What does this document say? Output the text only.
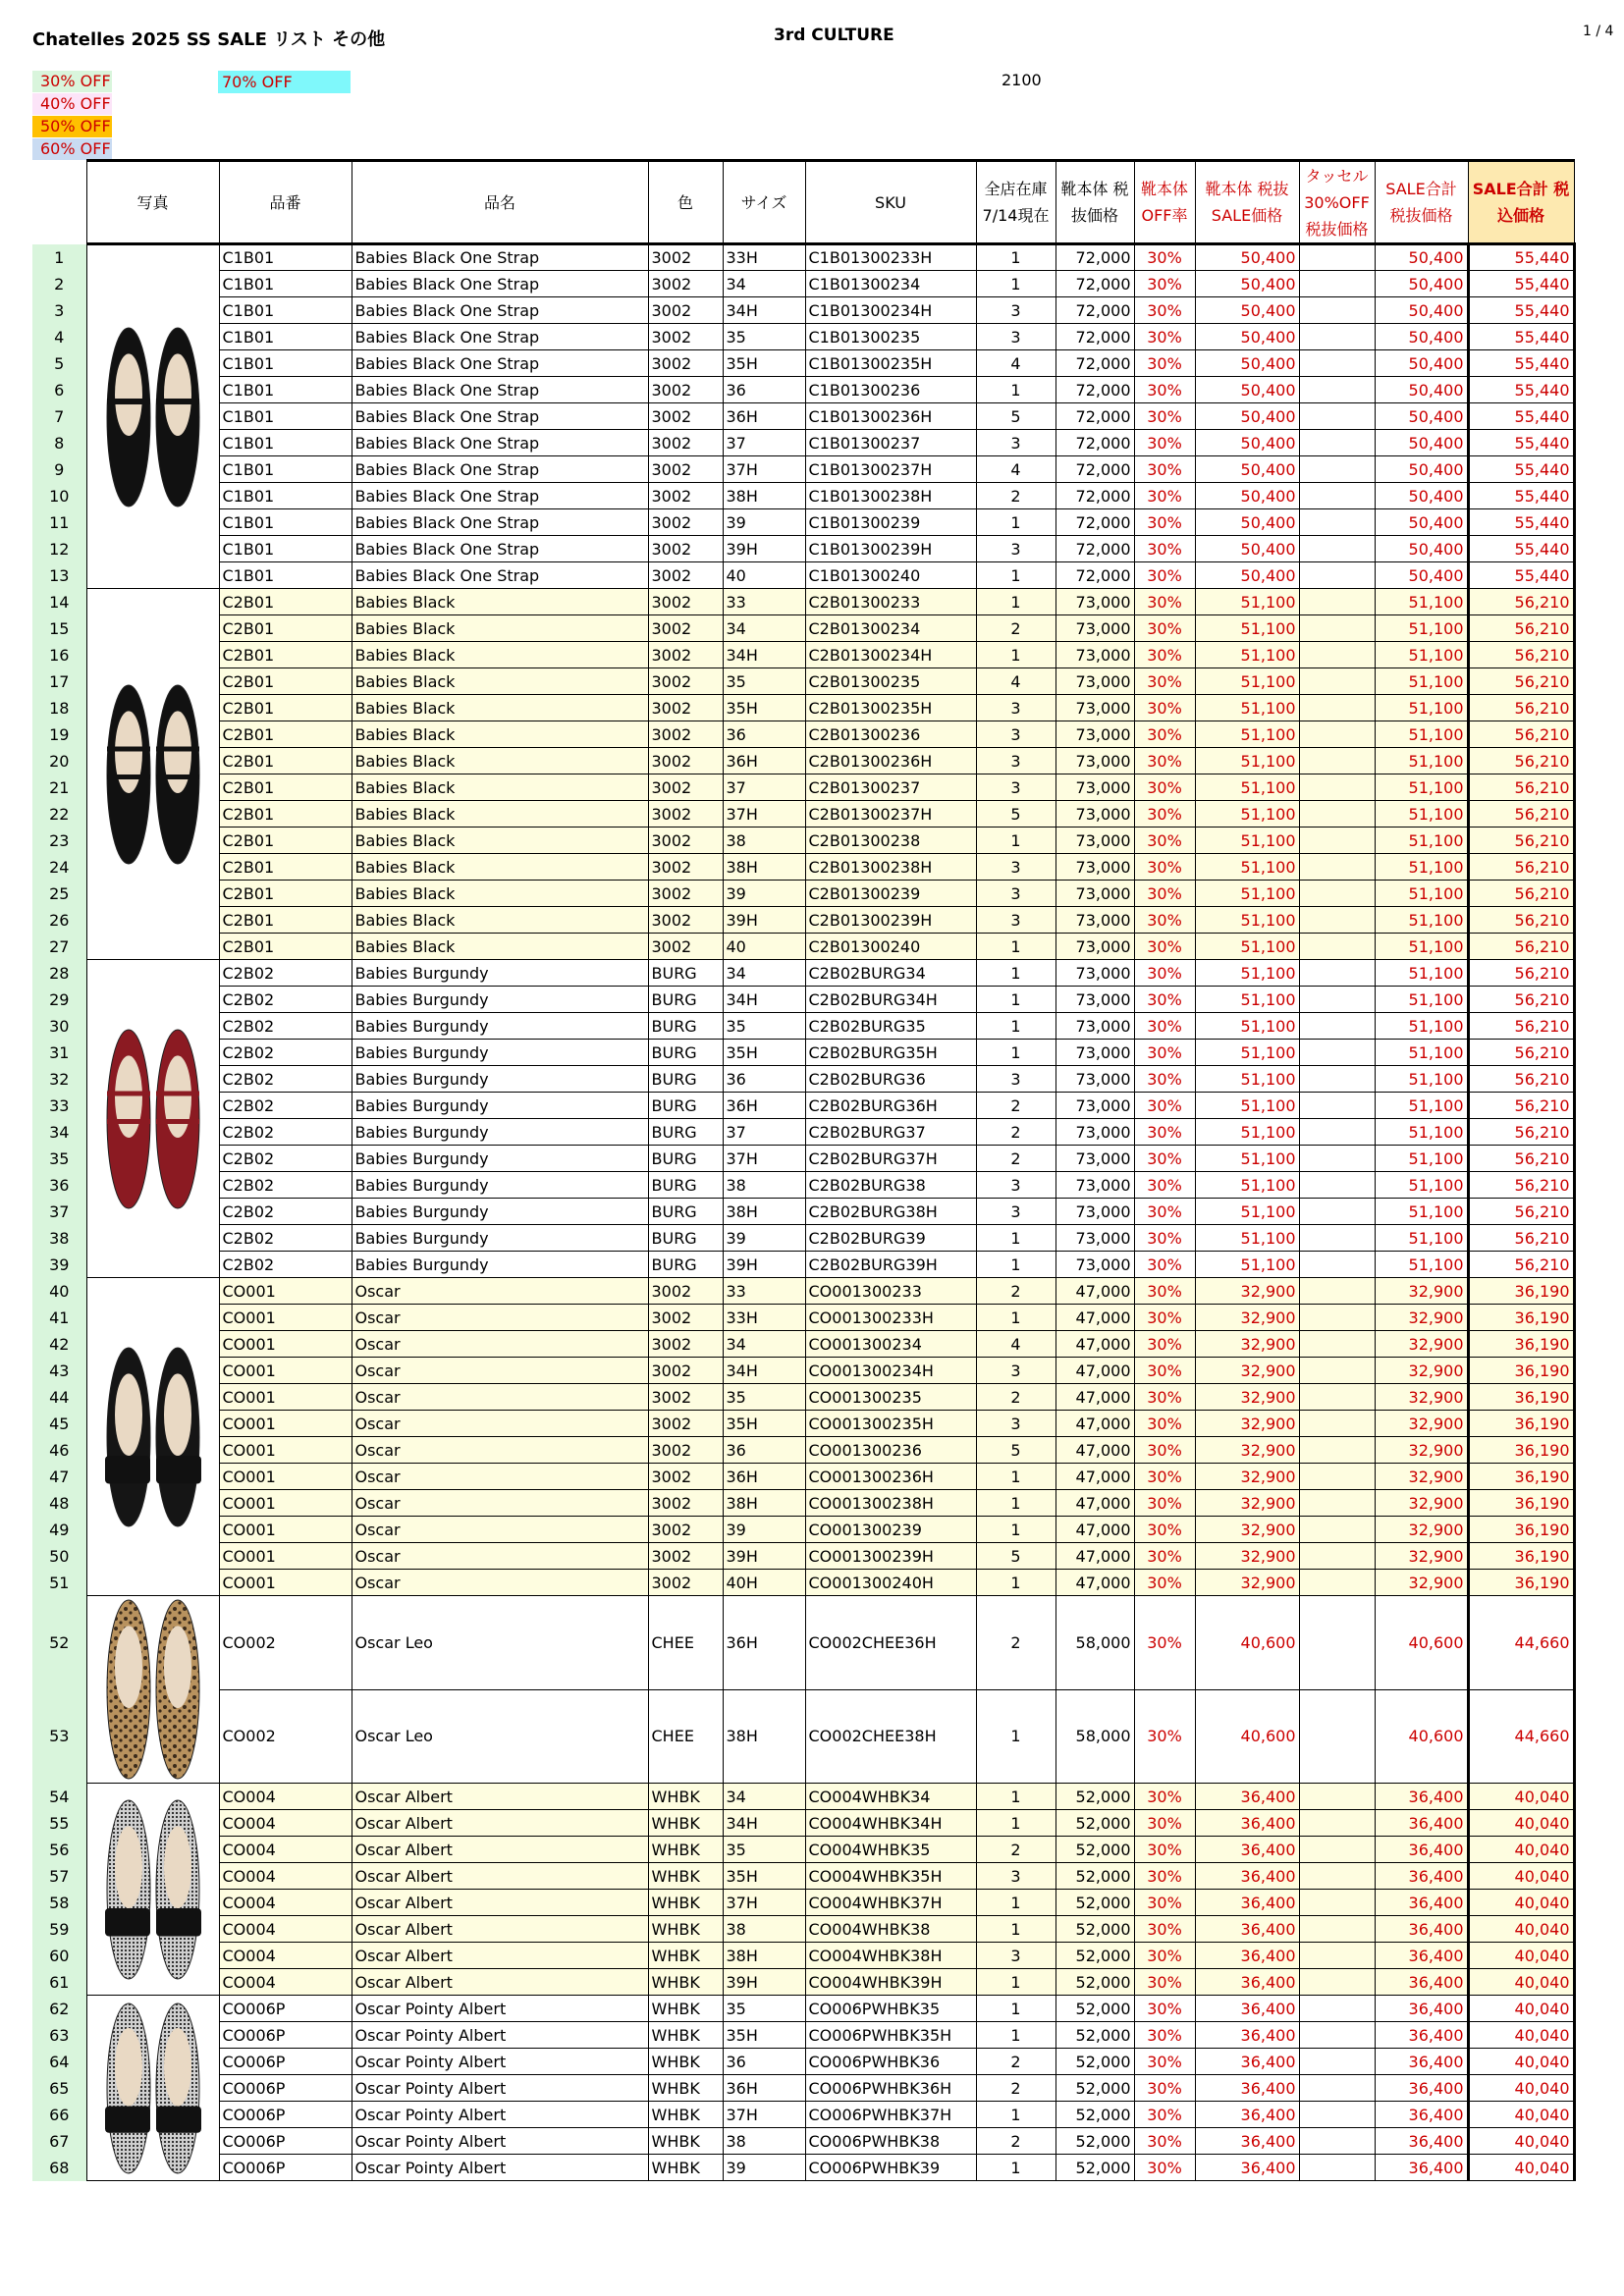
Chatelles 2025 SS SALE リスト その他	3rd CULTURE	1 / 4
30% OFF
40% OFF
50% OFF
60% OFF
70% OFF	2100
	写真	品番	品名	色	サイズ	SKU	全店在庫 7/14現在	靴本体 税抜価格	靴本体 OFF率	靴本体 税抜SALE価格	タッセル 30%OFF 税抜価格	SALE合計 税抜価格	SALE合計 税込価格
1		C1B01	Babies Black One Strap	3002	33H	C1B01300233H	1	72,000	30%	50,400		50,400	55,440
2		C1B01	Babies Black One Strap	3002	34	C1B01300234	1	72,000	30%	50,400		50,400	55,440
3		C1B01	Babies Black One Strap	3002	34H	C1B01300234H	3	72,000	30%	50,400		50,400	55,440
4		C1B01	Babies Black One Strap	3002	35	C1B01300235	3	72,000	30%	50,400		50,400	55,440
5		C1B01	Babies Black One Strap	3002	35H	C1B01300235H	4	72,000	30%	50,400		50,400	55,440
6		C1B01	Babies Black One Strap	3002	36	C1B01300236	1	72,000	30%	50,400		50,400	55,440
7		C1B01	Babies Black One Strap	3002	36H	C1B01300236H	5	72,000	30%	50,400		50,400	55,440
8		C1B01	Babies Black One Strap	3002	37	C1B01300237	3	72,000	30%	50,400		50,400	55,440
9		C1B01	Babies Black One Strap	3002	37H	C1B01300237H	4	72,000	30%	50,400		50,400	55,440
10		C1B01	Babies Black One Strap	3002	38H	C1B01300238H	2	72,000	30%	50,400		50,400	55,440
11		C1B01	Babies Black One Strap	3002	39	C1B01300239	1	72,000	30%	50,400		50,400	55,440
12		C1B01	Babies Black One Strap	3002	39H	C1B01300239H	3	72,000	30%	50,400		50,400	55,440
13		C1B01	Babies Black One Strap	3002	40	C1B01300240	1	72,000	30%	50,400		50,400	55,440
14		C2B01	Babies Black	3002	33	C2B01300233	1	73,000	30%	51,100		51,100	56,210
15		C2B01	Babies Black	3002	34	C2B01300234	2	73,000	30%	51,100		51,100	56,210
16		C2B01	Babies Black	3002	34H	C2B01300234H	1	73,000	30%	51,100		51,100	56,210
17		C2B01	Babies Black	3002	35	C2B01300235	4	73,000	30%	51,100		51,100	56,210
18		C2B01	Babies Black	3002	35H	C2B01300235H	3	73,000	30%	51,100		51,100	56,210
19		C2B01	Babies Black	3002	36	C2B01300236	3	73,000	30%	51,100		51,100	56,210
20		C2B01	Babies Black	3002	36H	C2B01300236H	3	73,000	30%	51,100		51,100	56,210
21		C2B01	Babies Black	3002	37	C2B01300237	3	73,000	30%	51,100		51,100	56,210
22		C2B01	Babies Black	3002	37H	C2B01300237H	5	73,000	30%	51,100		51,100	56,210
23		C2B01	Babies Black	3002	38	C2B01300238	1	73,000	30%	51,100		51,100	56,210
24		C2B01	Babies Black	3002	38H	C2B01300238H	3	73,000	30%	51,100		51,100	56,210
25		C2B01	Babies Black	3002	39	C2B01300239	3	73,000	30%	51,100		51,100	56,210
26		C2B01	Babies Black	3002	39H	C2B01300239H	3	73,000	30%	51,100		51,100	56,210
27		C2B01	Babies Black	3002	40	C2B01300240	1	73,000	30%	51,100		51,100	56,210
28		C2B02	Babies Burgundy	BURG	34	C2B02BURG34	1	73,000	30%	51,100		51,100	56,210
29		C2B02	Babies Burgundy	BURG	34H	C2B02BURG34H	1	73,000	30%	51,100		51,100	56,210
30		C2B02	Babies Burgundy	BURG	35	C2B02BURG35	1	73,000	30%	51,100		51,100	56,210
31		C2B02	Babies Burgundy	BURG	35H	C2B02BURG35H	1	73,000	30%	51,100		51,100	56,210
32		C2B02	Babies Burgundy	BURG	36	C2B02BURG36	3	73,000	30%	51,100		51,100	56,210
33		C2B02	Babies Burgundy	BURG	36H	C2B02BURG36H	2	73,000	30%	51,100		51,100	56,210
34		C2B02	Babies Burgundy	BURG	37	C2B02BURG37	2	73,000	30%	51,100		51,100	56,210
35		C2B02	Babies Burgundy	BURG	37H	C2B02BURG37H	2	73,000	30%	51,100		51,100	56,210
36		C2B02	Babies Burgundy	BURG	38	C2B02BURG38	3	73,000	30%	51,100		51,100	56,210
37		C2B02	Babies Burgundy	BURG	38H	C2B02BURG38H	3	73,000	30%	51,100		51,100	56,210
38		C2B02	Babies Burgundy	BURG	39	C2B02BURG39	1	73,000	30%	51,100		51,100	56,210
39		C2B02	Babies Burgundy	BURG	39H	C2B02BURG39H	1	73,000	30%	51,100		51,100	56,210
40		CO001	Oscar	3002	33	CO001300233	2	47,000	30%	32,900		32,900	36,190
41		CO001	Oscar	3002	33H	CO001300233H	1	47,000	30%	32,900		32,900	36,190
42		CO001	Oscar	3002	34	CO001300234	4	47,000	30%	32,900		32,900	36,190
43		CO001	Oscar	3002	34H	CO001300234H	3	47,000	30%	32,900		32,900	36,190
44		CO001	Oscar	3002	35	CO001300235	2	47,000	30%	32,900		32,900	36,190
45		CO001	Oscar	3002	35H	CO001300235H	3	47,000	30%	32,900		32,900	36,190
46		CO001	Oscar	3002	36	CO001300236	5	47,000	30%	32,900		32,900	36,190
47		CO001	Oscar	3002	36H	CO001300236H	1	47,000	30%	32,900		32,900	36,190
48		CO001	Oscar	3002	38H	CO001300238H	1	47,000	30%	32,900		32,900	36,190
49		CO001	Oscar	3002	39	CO001300239	1	47,000	30%	32,900		32,900	36,190
50		CO001	Oscar	3002	39H	CO001300239H	5	47,000	30%	32,900		32,900	36,190
51		CO001	Oscar	3002	40H	CO001300240H	1	47,000	30%	32,900		32,900	36,190
52		CO002	Oscar Leo	CHEE	36H	CO002CHEE36H	2	58,000	30%	40,600		40,600	44,660
53		CO002	Oscar Leo	CHEE	38H	CO002CHEE38H	1	58,000	30%	40,600		40,600	44,660
54		CO004	Oscar Albert	WHBK	34	CO004WHBK34	1	52,000	30%	36,400		36,400	40,040
55		CO004	Oscar Albert	WHBK	34H	CO004WHBK34H	1	52,000	30%	36,400		36,400	40,040
56		CO004	Oscar Albert	WHBK	35	CO004WHBK35	2	52,000	30%	36,400		36,400	40,040
57		CO004	Oscar Albert	WHBK	35H	CO004WHBK35H	3	52,000	30%	36,400		36,400	40,040
58		CO004	Oscar Albert	WHBK	37H	CO004WHBK37H	1	52,000	30%	36,400		36,400	40,040
59		CO004	Oscar Albert	WHBK	38	CO004WHBK38	1	52,000	30%	36,400		36,400	40,040
60		CO004	Oscar Albert	WHBK	38H	CO004WHBK38H	3	52,000	30%	36,400		36,400	40,040
61		CO004	Oscar Albert	WHBK	39H	CO004WHBK39H	1	52,000	30%	36,400		36,400	40,040
62		CO006P	Oscar Pointy Albert	WHBK	35	CO006PWHBK35	1	52,000	30%	36,400		36,400	40,040
63		CO006P	Oscar Pointy Albert	WHBK	35H	CO006PWHBK35H	1	52,000	30%	36,400		36,400	40,040
64		CO006P	Oscar Pointy Albert	WHBK	36	CO006PWHBK36	2	52,000	30%	36,400		36,400	40,040
65		CO006P	Oscar Pointy Albert	WHBK	36H	CO006PWHBK36H	2	52,000	30%	36,400		36,400	40,040
66		CO006P	Oscar Pointy Albert	WHBK	37H	CO006PWHBK37H	1	52,000	30%	36,400		36,400	40,040
67		CO006P	Oscar Pointy Albert	WHBK	38	CO006PWHBK38	2	52,000	30%	36,400		36,400	40,040
68		CO006P	Oscar Pointy Albert	WHBK	39	CO006PWHBK39	1	52,000	30%	36,400		36,400	40,040
